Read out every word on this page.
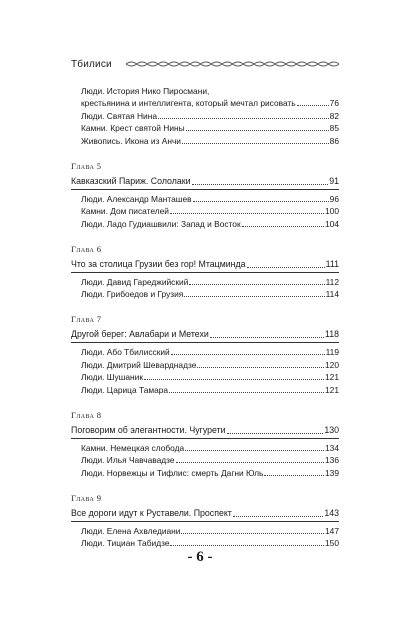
Тбилиси
Люди. История Нико Пиросмани,
крестьянина и интеллигента, который мечтал рисовать	76
Люди. Святая Нина	82
Камни. Крест святой Нины	85
Живопись. Икона из Анчи	86
Глава 5
Кавказский Париж. Сололаки	91
Люди. Александр Манташев	96
Камни. Дом писателей	100
Люди. Ладо Гудиашвили: Запад и Восток	104
Глава 6
Что за столица Грузии без гор! Мтацминда	111
Люди. Давид Гареджийский	112
Люди. Грибоедов и Грузия	114
Глава 7
Другой берег: Авлабари и Метехи	118
Люди. Або Тбилисский	119
Люди. Дмитрий Шеварднадзе	120
Люди. Шушаник	121
Люди. Царица Тамара	121
Глава 8
Поговорим об элегантности. Чугурети	130
Камни. Немецкая слобода	134
Люди. Илья Чавчавадзе	136
Люди. Норвежцы и Тифлис: смерть Дагни Юль	139
Глава 9
Все дороги идут к Руставели. Проспект	143
Люди. Елена Ахвледиани	147
Люди. Тициан Табидзе	150
- 6 -
